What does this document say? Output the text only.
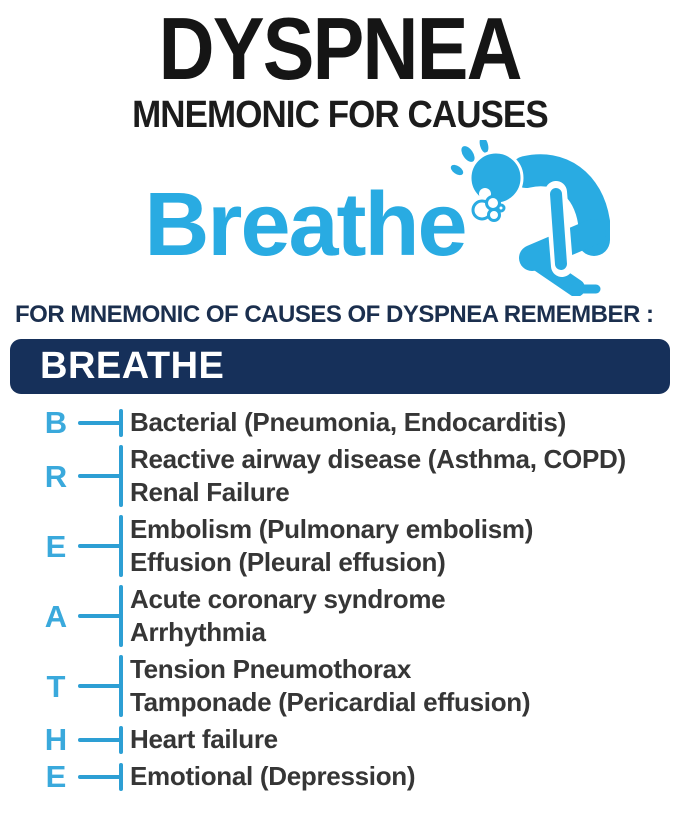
DYSPNEA
MNEMONIC FOR CAUSES
Breathe
FOR MNEMONIC OF CAUSES OF DYSPNEA REMEMBER :
BREATHE
B Bacterial (Pneumonia, Endocarditis)
R Reactive airway disease (Asthma, COPD)
Renal Failure
E Embolism (Pulmonary embolism)
Effusion (Pleural effusion)
A Acute coronary syndrome
Arrhythmia
T Tension Pneumothorax
Tamponade (Pericardial effusion)
H Heart failure
E Emotional (Depression)
